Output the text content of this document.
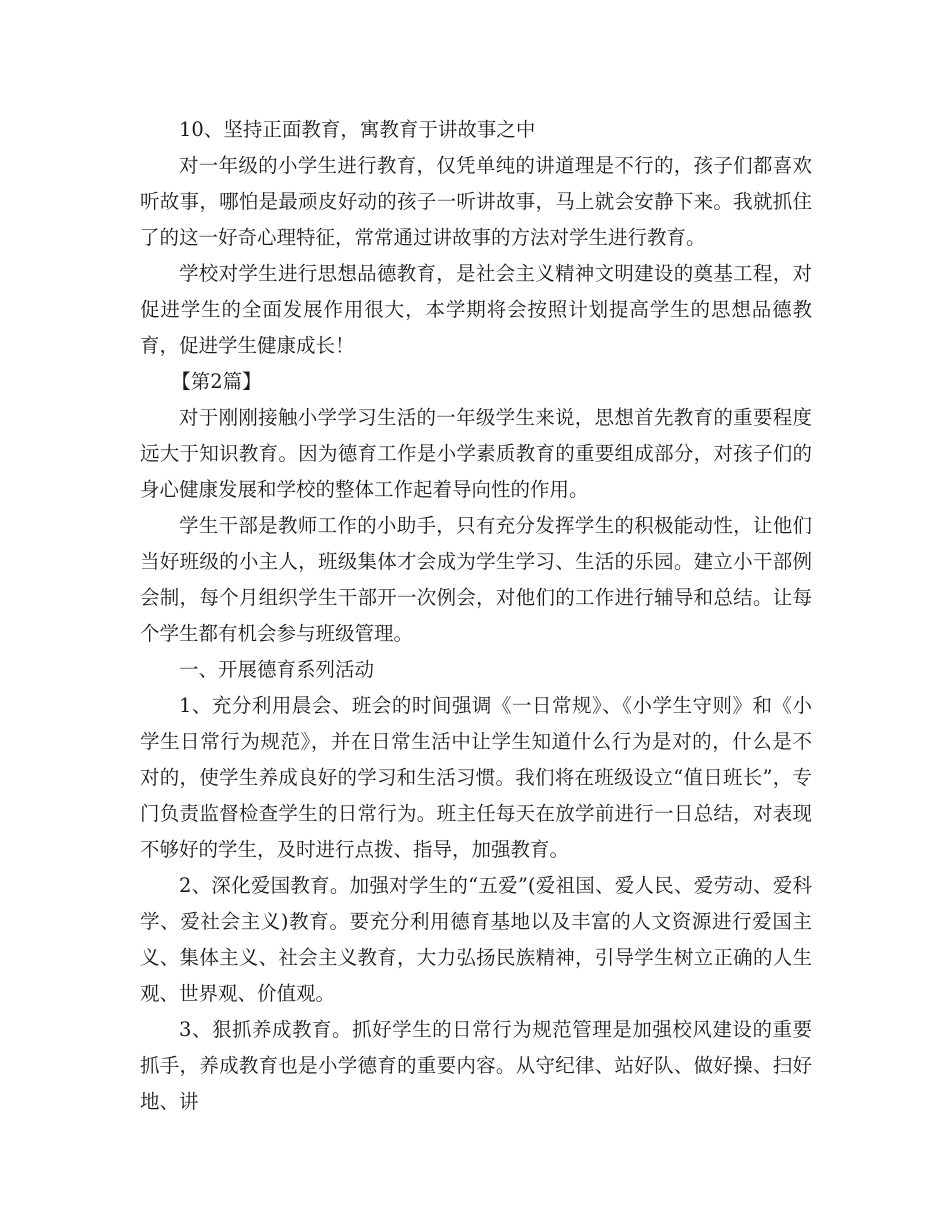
10、坚持正面教育，寓教育于讲故事之中

对一年级的小学生进行教育，仅凭单纯的讲道理是不行的，孩子们都喜欢听故事，哪怕是最顽皮好动的孩子一听讲故事，马上就会安静下来。我就抓住了的这一好奇心理特征，常常通过讲故事的方法对学生进行教育。

学校对学生进行思想品德教育，是社会主义精神文明建设的奠基工程，对促进学生的全面发展作用很大，本学期将会按照计划提高学生的思想品德教育，促进学生健康成长！

【第2篇】

对于刚刚接触小学学习生活的一年级学生来说，思想首先教育的重要程度远大于知识教育。因为德育工作是小学素质教育的重要组成部分，对孩子们的身心健康发展和学校的整体工作起着导向性的作用。

学生干部是教师工作的小助手，只有充分发挥学生的积极能动性，让他们当好班级的小主人，班级集体才会成为学生学习、生活的乐园。建立小干部例会制，每个月组织学生干部开一次例会，对他们的工作进行辅导和总结。让每个学生都有机会参与班级管理。

一、开展德育系列活动

1、充分利用晨会、班会的时间强调《一日常规》、《小学生守则》和《小学生日常行为规范》，并在日常生活中让学生知道什么行为是对的，什么是不对的，使学生养成良好的学习和生活习惯。我们将在班级设立“值日班长”，专门负责监督检查学生的日常行为。班主任每天在放学前进行一日总结，对表现不够好的学生，及时进行点拨、指导，加强教育。

2、深化爱国教育。加强对学生的“五爱”(爱祖国、爱人民、爱劳动、爱科学、爱社会主义)教育。要充分利用德育基地以及丰富的人文资源进行爱国主义、集体主义、社会主义教育，大力弘扬民族精神，引导学生树立正确的人生观、世界观、价值观。

3、狠抓养成教育。抓好学生的日常行为规范管理是加强校风建设的重要抓手，养成教育也是小学德育的重要内容。从守纪律、站好队、做好操、扫好地、讲
